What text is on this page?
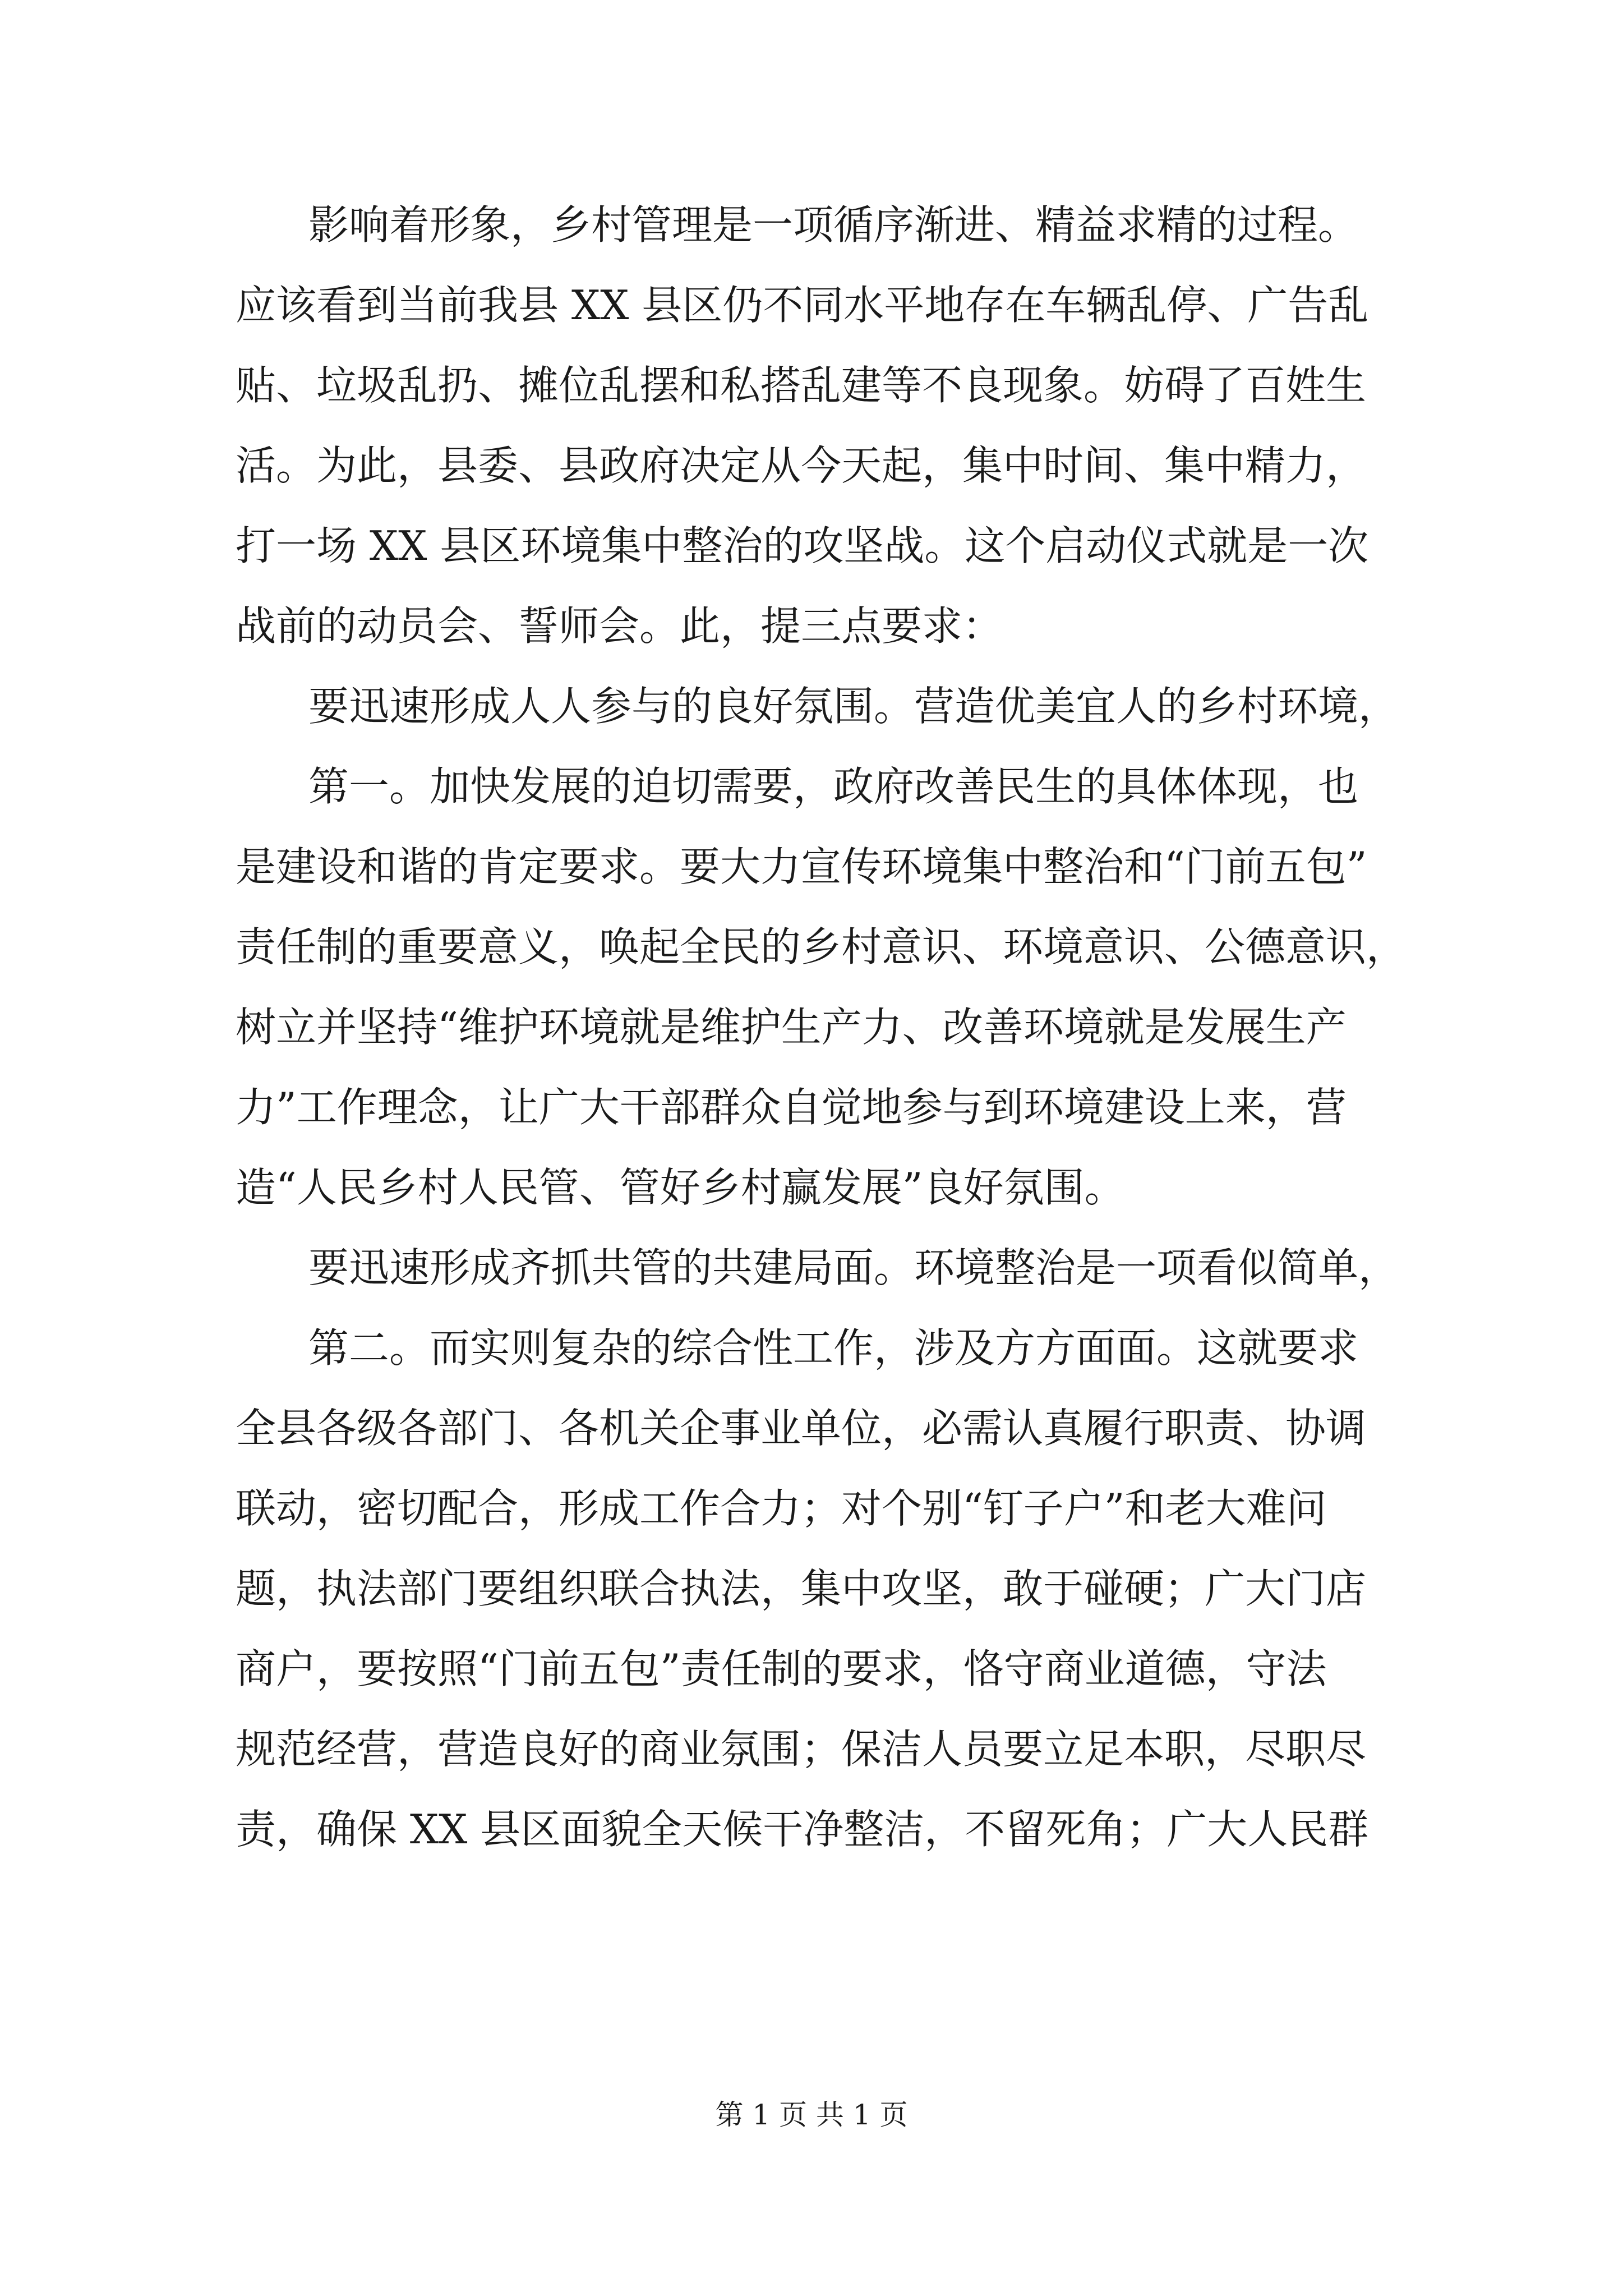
影响着形象，乡村管理是一项循序渐进、精益求精的过程。
应该看到当前我县 XX 县区仍不同水平地存在车辆乱停、广告乱
贴、垃圾乱扔、摊位乱摆和私搭乱建等不良现象。妨碍了百姓生
活。为此，县委、县政府决定从今天起，集中时间、集中精力，
打一场 XX 县区环境集中整治的攻坚战。这个启动仪式就是一次
战前的动员会、誓师会。此，提三点要求：
要迅速形成人人参与的良好氛围。营造优美宜人的乡村环境，
第一。加快发展的迫切需要，政府改善民生的具体体现，也
是建设和谐的肯定要求。要大力宣传环境集中整治和“门前五包”
责任制的重要意义，唤起全民的乡村意识、环境意识、公德意识，
树立并坚持“维护环境就是维护生产力、改善环境就是发展生产
力”工作理念，让广大干部群众自觉地参与到环境建设上来，营
造“人民乡村人民管、管好乡村赢发展”良好氛围。
要迅速形成齐抓共管的共建局面。环境整治是一项看似简单，
第二。而实则复杂的综合性工作，涉及方方面面。这就要求
全县各级各部门、各机关企事业单位，必需认真履行职责、协调
联动，密切配合，形成工作合力；对个别“钉子户”和老大难问
题，执法部门要组织联合执法，集中攻坚，敢于碰硬；广大门店
商户，要按照“门前五包”责任制的要求，恪守商业道德，守法
规范经营，营造良好的商业氛围；保洁人员要立足本职，尽职尽
责，确保 XX 县区面貌全天候干净整洁，不留死角；广大人民群
第 1 页 共 1 页
